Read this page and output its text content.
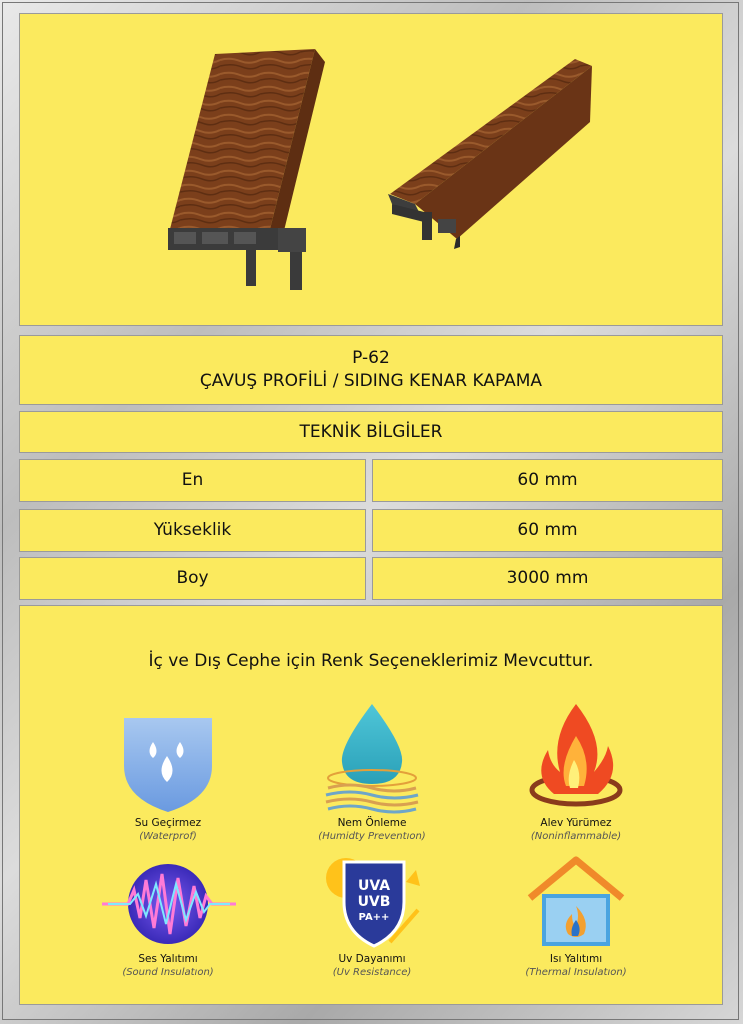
P-62
ÇAVUŞ PROFİLİ / SIDING KENAR KAPAMA
TEKNİK BİLGİLER
En	60 mm
Yükseklik	60 mm
Boy	3000 mm
İç ve Dış Cephe için Renk Seçeneklerimiz Mevcuttur.
Su Geçirmez
(Waterprof)
Nem Önleme
(Humidty Preventıon)
Alev Yürümez
(Noninflammable)
Ses Yalıtımı
(Sound Insulatıon)
UVA
UVB
PA++
Uv Dayanımı
(Uv Resistance)
Isı Yalıtımı
(Thermal Insulatıon)
